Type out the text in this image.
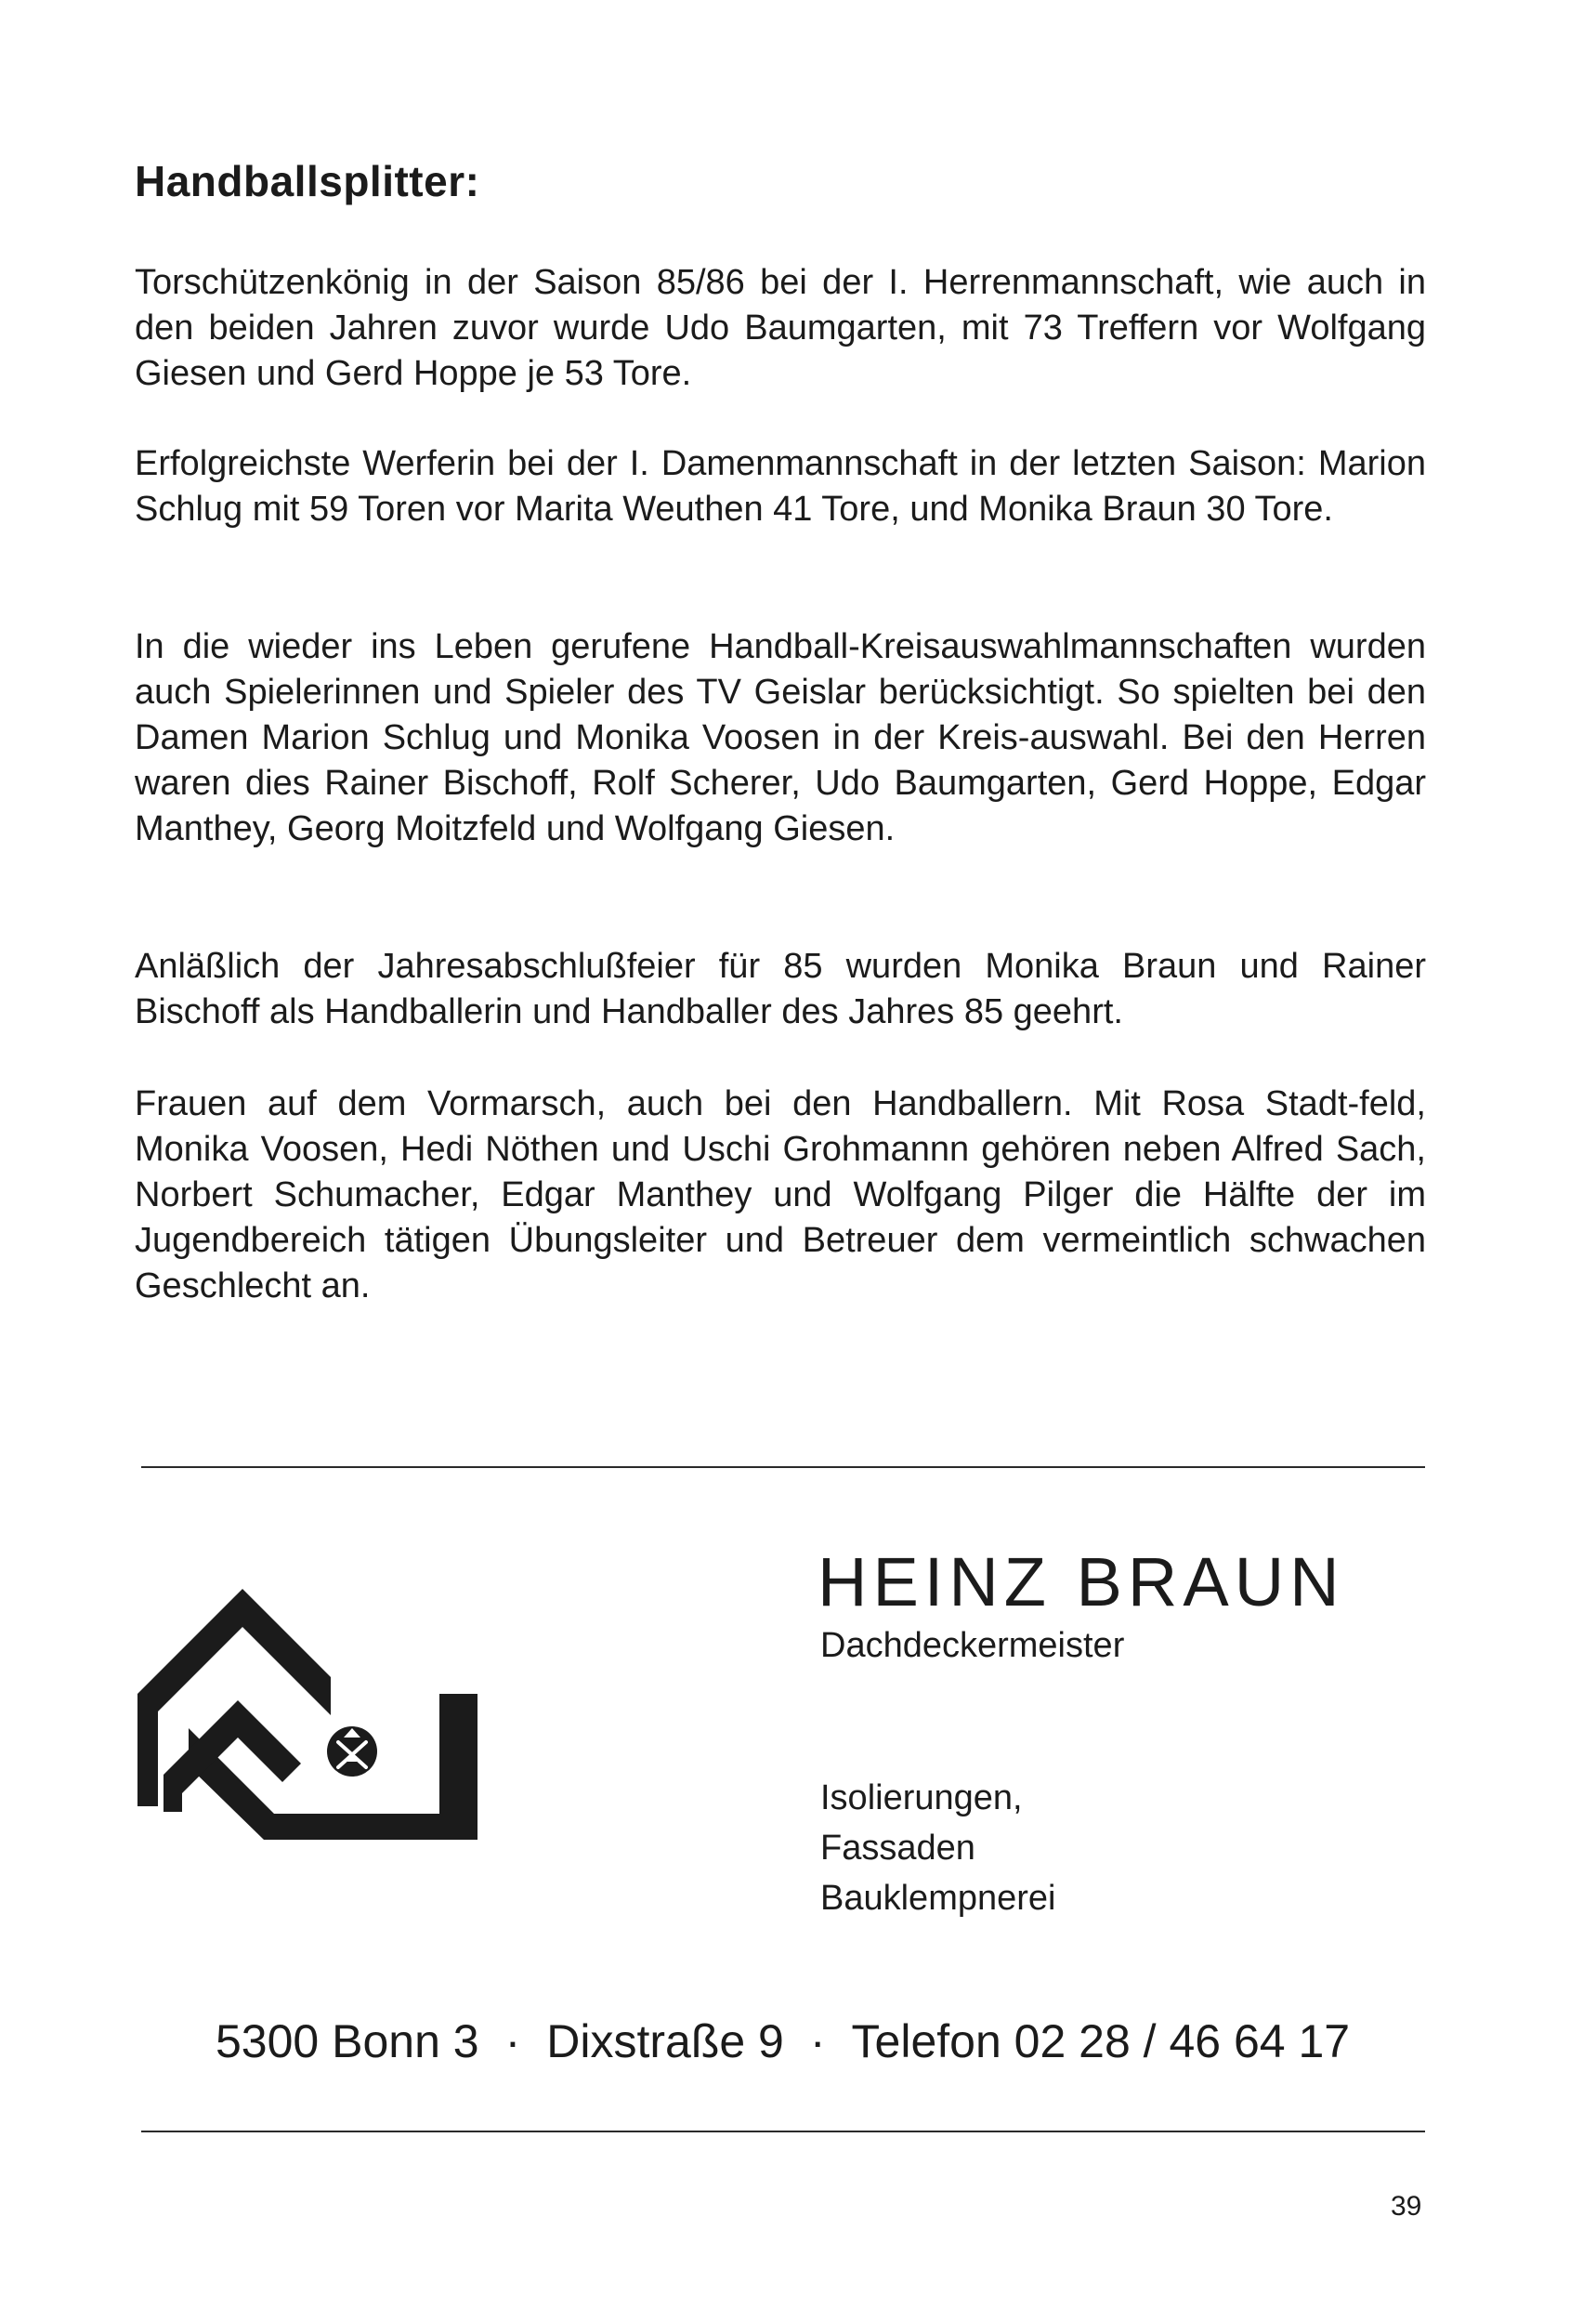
Handballsplitter:
Torschützenkönig in der Saison 85/86 bei der I. Herrenmannschaft, wie auch in den beiden Jahren zuvor wurde Udo Baumgarten, mit 73 Treffern vor Wolfgang Giesen und Gerd Hoppe je 53 Tore.
Erfolgreichste Werferin bei der I. Damenmannschaft in der letzten Saison: Marion Schlug mit 59 Toren vor Marita Weuthen 41 Tore, und Monika Braun 30 Tore.
In die wieder ins Leben gerufene Handball-Kreisauswahlmannschaften wurden auch Spielerinnen und Spieler des TV Geislar berücksichtigt. So spielten bei den Damen Marion Schlug und Monika Voosen in der Kreis-auswahl. Bei den Herren waren dies Rainer Bischoff, Rolf Scherer, Udo Baumgarten, Gerd Hoppe, Edgar Manthey, Georg Moitzfeld und Wolfgang Giesen.
Anläßlich der Jahresabschlußfeier für 85 wurden Monika Braun und Rainer Bischoff als Handballerin und Handballer des Jahres 85 geehrt.
Frauen auf dem Vormarsch, auch bei den Handballern. Mit Rosa Stadt-feld, Monika Voosen, Hedi Nöthen und Uschi Grohmannn gehören neben Alfred Sach, Norbert Schumacher, Edgar Manthey und Wolfgang Pilger die Hälfte der im Jugendbereich tätigen Übungsleiter und Betreuer dem vermeintlich schwachen Geschlecht an.
HEINZ BRAUN
Dachdeckermeister
Isolierungen,
Fassaden
Bauklempnerei
5300 Bonn 3 · Dixstraße 9 · Telefon 02 28 / 46 64 17
39
